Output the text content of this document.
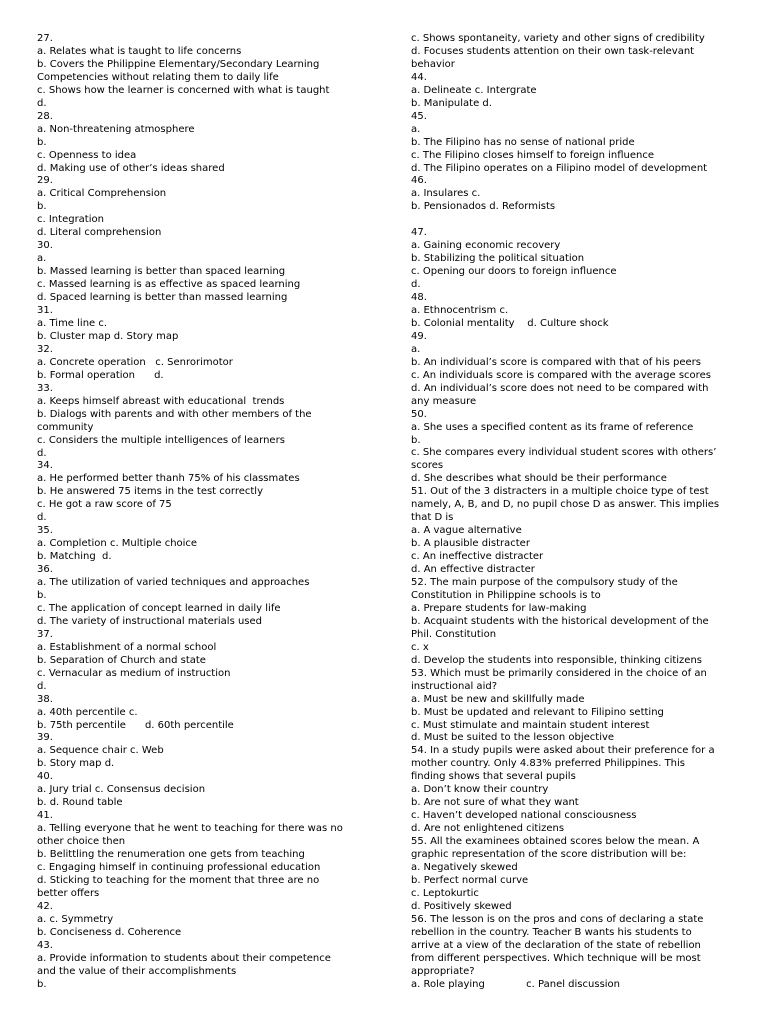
27.
a. Relates what is taught to life concerns
b. Covers the Philippine Elementary/Secondary Learning
Competencies without relating them to daily life
c. Shows how the learner is concerned with what is taught
d.
28.
a. Non-threatening atmosphere
b.
c. Openness to idea
d. Making use of other’s ideas shared
29.
a. Critical Comprehension
b.
c. Integration
d. Literal comprehension
30.
a.
b. Massed learning is better than spaced learning
c. Massed learning is as effective as spaced learning
d. Spaced learning is better than massed learning
31.
a. Time line c.
b. Cluster map d. Story map
32.
a. Concrete operation   c. Senrorimotor
b. Formal operation      d.
33.
a. Keeps himself abreast with educational  trends
b. Dialogs with parents and with other members of the
community
c. Considers the multiple intelligences of learners
d.
34.
a. He performed better thanh 75% of his classmates
b. He answered 75 items in the test correctly
c. He got a raw score of 75
d.
35.
a. Completion c. Multiple choice
b. Matching  d.
36.
a. The utilization of varied techniques and approaches
b.
c. The application of concept learned in daily life
d. The variety of instructional materials used
37.
a. Establishment of a normal school
b. Separation of Church and state
c. Vernacular as medium of instruction
d.
38.
a. 40th percentile c.
b. 75th percentile      d. 60th percentile
39.
a. Sequence chair c. Web
b. Story map d.
40.
a. Jury trial c. Consensus decision
b. d. Round table
41.
a. Telling everyone that he went to teaching for there was no
other choice then
b. Belittling the renumeration one gets from teaching
c. Engaging himself in continuing professional education
d. Sticking to teaching for the moment that three are no
better offers
42.
a. c. Symmetry
b. Conciseness d. Coherence
43.
a. Provide information to students about their competence
and the value of their accomplishments
b.
c. Shows spontaneity, variety and other signs of credibility
d. Focuses students attention on their own task-relevant
behavior
44.
a. Delineate c. Intergrate
b. Manipulate d.
45.
a.
b. The Filipino has no sense of national pride
c. The Filipino closes himself to foreign influence
d. The Filipino operates on a Filipino model of development
46.
a. Insulares c.
b. Pensionados d. Reformists
47.
a. Gaining economic recovery
b. Stabilizing the political situation
c. Opening our doors to foreign influence
d.
48.
a. Ethnocentrism c.
b. Colonial mentality    d. Culture shock
49.
a.
b. An individual’s score is compared with that of his peers
c. An individuals score is compared with the average scores
d. An individual’s score does not need to be compared with
any measure
50.
a. She uses a specified content as its frame of reference
b.
c. She compares every individual student scores with others’
scores
d. She describes what should be their performance
51. Out of the 3 distracters in a multiple choice type of test
namely, A, B, and D, no pupil chose D as answer. This implies
that D is
a. A vague alternative
b. A plausible distracter
c. An ineffective distracter
d. An effective distracter
52. The main purpose of the compulsory study of the
Constitution in Philippine schools is to
a. Prepare students for law-making
b. Acquaint students with the historical development of the
Phil. Constitution
c. x
d. Develop the students into responsible, thinking citizens
53. Which must be primarily considered in the choice of an
instructional aid?
a. Must be new and skillfully made
b. Must be updated and relevant to Filipino setting
c. Must stimulate and maintain student interest
d. Must be suited to the lesson objective
54. In a study pupils were asked about their preference for a
mother country. Only 4.83% preferred Philippines. This
finding shows that several pupils
a. Don’t know their country
b. Are not sure of what they want
c. Haven’t developed national consciousness
d. Are not enlightened citizens
55. All the examinees obtained scores below the mean. A
graphic representation of the score distribution will be:
a. Negatively skewed
b. Perfect normal curve
c. Leptokurtic
d. Positively skewed
56. The lesson is on the pros and cons of declaring a state
rebellion in the country. Teacher B wants his students to
arrive at a view of the declaration of the state of rebellion
from different perspectives. Which technique will be most
appropriate?
a. Role playing             c. Panel discussion
